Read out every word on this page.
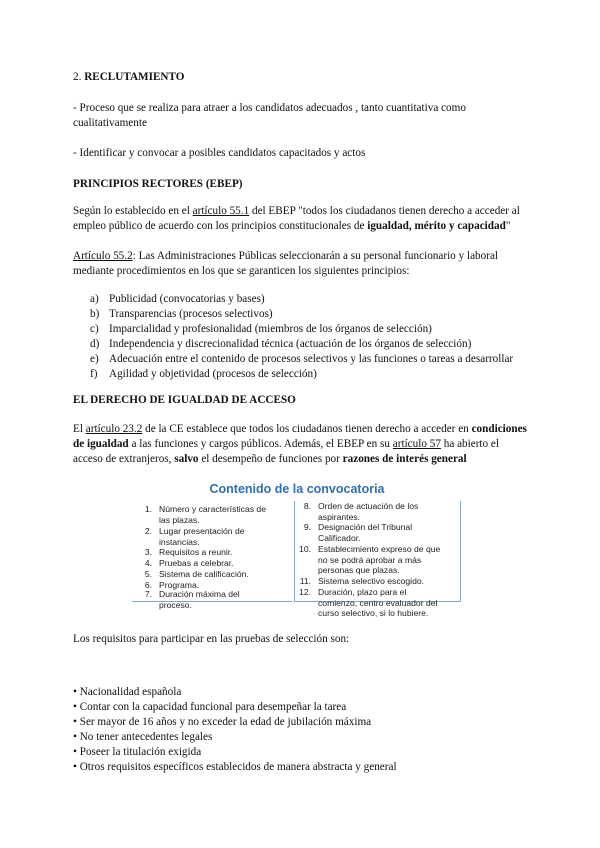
2. RECLUTAMIENTO
- Proceso que se realiza para atraer a los candidatos adecuados , tanto cuantitativa como
cualitativamente
- Identificar y convocar a posibles candidatos capacitados y actos
PRINCIPIOS RECTORES (EBEP)
Según lo establecido en el artículo 55.1 del EBEP "todos los ciudadanos tienen derecho a acceder al
empleo público de acuerdo con los principios constitucionales de igualdad, mérito y capacidad"
Artículo 55.2: Las Administraciones Públicas seleccionarán a su personal funcionario y laboral
mediante procedimientos en los que se garanticen los siguientes principios:
a) Publicidad (convocatorias y bases)
b) Transparencias (procesos selectivos)
c) Imparcialidad y profesionalidad (miembros de los órganos de selección)
d) Independencia y discrecionalidad técnica (actuación de los órganos de selección)
e) Adecuación entre el contenido de procesos selectivos y las funciones o tareas a desarrollar
f) Agilidad y objetividad (procesos de selección)
EL DERECHO DE IGUALDAD DE ACCESO
El artículo 23.2 de la CE establece que todos los ciudadanos tienen derecho a acceder en condiciones
de igualdad a las funciones y cargos públicos. Además, el EBEP en su artículo 57 ha abierto el
acceso de extranjeros, salvo el desempeño de funciones por razones de interés general
Contenido de la convocatoria
1. Número y características de
las plazas.
2. Lugar presentación de
instancias.
3. Requisitos a reunir.
4. Pruebas a celebrar.
5. Sistema de calificación.
6. Programa.
7. Duración máxima del
proceso.
8. Orden de actuación de los
aspirantes.
9. Designación del Tribunal
Calificador.
10. Establecimiento expreso de que
no se podrá aprobar a más
personas que plazas.
11. Sistema selectivo escogido.
12. Duración, plazo para el
comienzo, centro evaluador del
curso selectivo, si lo hubiere.
Los requisitos para participar en las pruebas de selección son:
• Nacionalidad española
• Contar con la capacidad funcional para desempeñar la tarea
• Ser mayor de 16 años y no exceder la edad de jubilación máxima
• No tener antecedentes legales
• Poseer la titulación exigida
• Otros requisitos específicos establecidos de manera abstracta y general
